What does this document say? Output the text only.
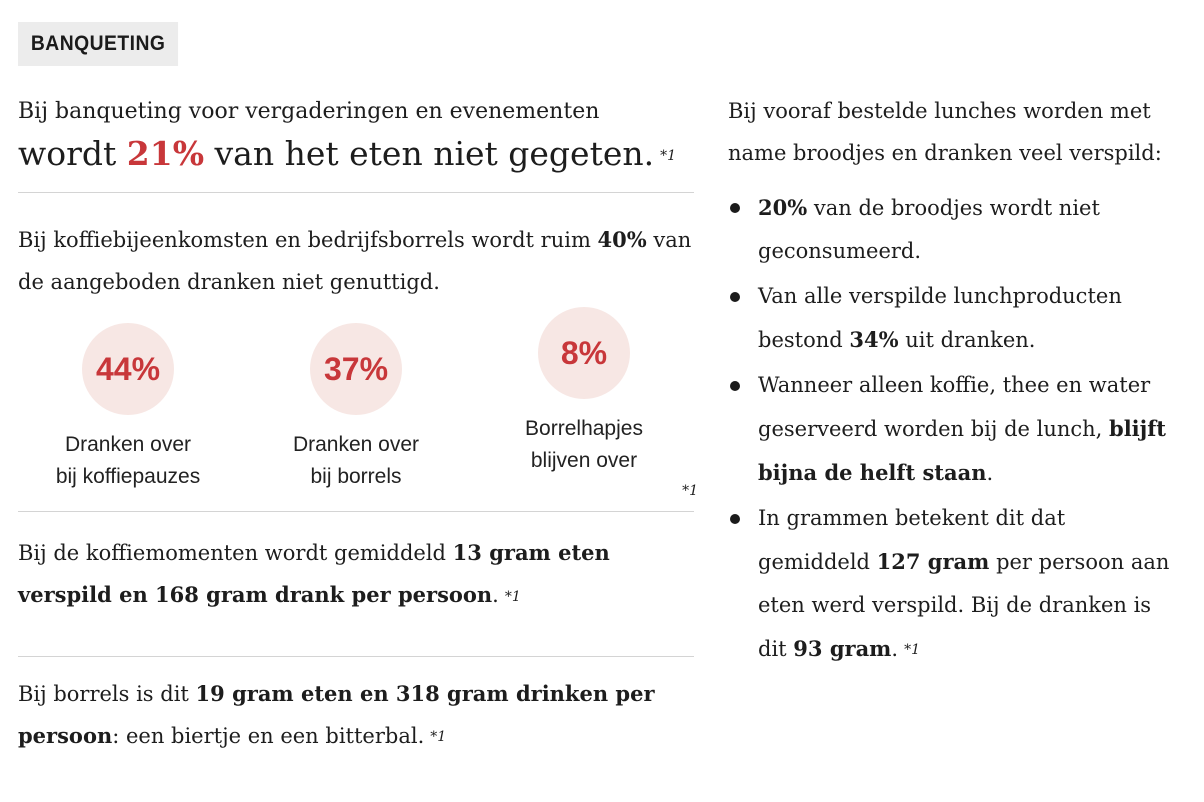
BANQUETING

Bij banqueting voor vergaderingen en evenementen

wordt 21% van het eten niet gegeten. *1

Bij koffiebijeenkomsten en bedrijfsborrels wordt ruim 40% van de aangeboden dranken niet genuttigd.

44%
Dranken over
bij koffiepauzes
37%
Dranken over
bij borrels
8%
Borrelhapjes
blijven over
*1

Bij de koffiemomenten wordt gemiddeld 13 gram eten verspild en 168 gram drank per persoon. *1

Bij borrels is dit 19 gram eten en 318 gram drinken per persoon: een biertje en een bitterbal. *1

Bij vooraf bestelde lunches worden met name broodjes en dranken veel verspild:

20% van de broodjes wordt niet geconsumeerd.
Van alle verspilde lunchproducten bestond 34% uit dranken.
Wanneer alleen koffie, thee en water geserveerd worden bij de lunch, blijft bijna de helft staan.
In grammen betekent dit dat gemiddeld 127 gram per persoon aan eten werd verspild. Bij de dranken is dit 93 gram. *1
